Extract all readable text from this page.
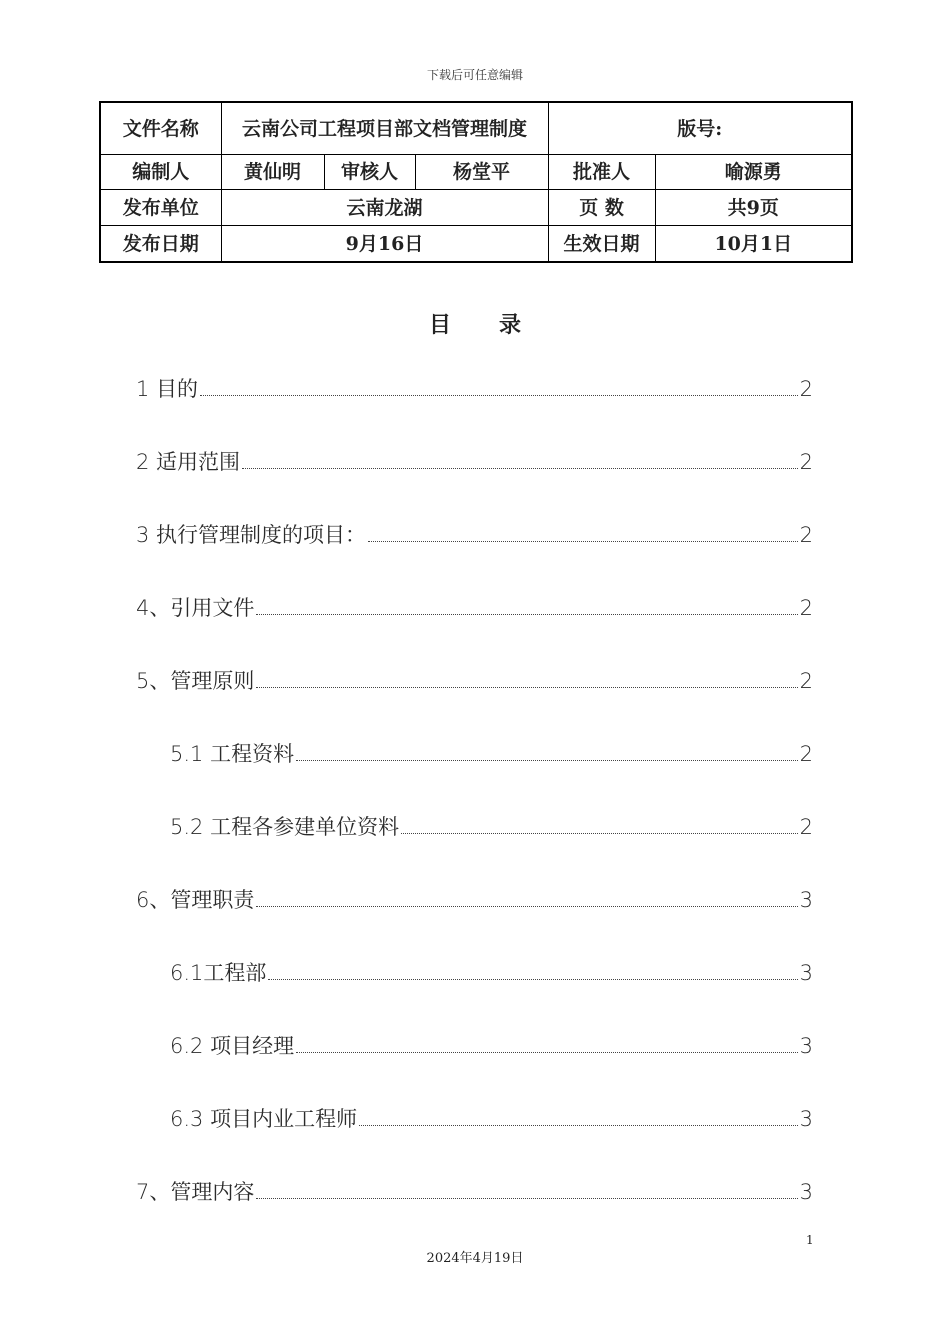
下载后可任意编辑
文件名称	云南公司工程项目部文档管理制度			版号:	
编制人	黄仙明	审核人	杨堂平	批准人	喻源勇
发布单位	云南龙湖			页 数	共9页
发布日期	9月16日			生效日期	10月1日
目录
1 目的	2
2 适用范围	2
3 执行管理制度的项目：	2
4、引用文件	2
5、管理原则	2
5.1 工程资料	2
5.2 工程各参建单位资料	2
6、管理职责	3
6.1工程部	3
6.2 项目经理	3
6.3 项目内业工程师	3
7、管理内容	3
1
2024年4月19日
